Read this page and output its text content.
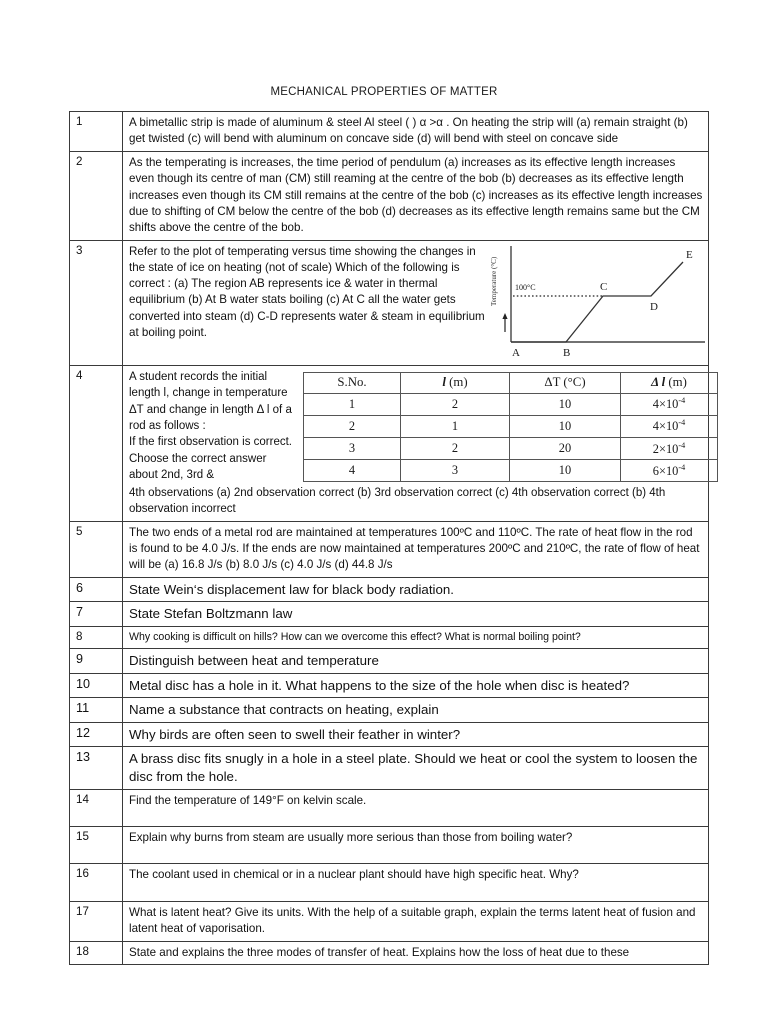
MECHANICAL PROPERTIES OF MATTER
1	A bimetallic strip is made of aluminum & steel Al steel ( ) α >α . On heating the strip will (a) remain straight (b) get twisted (c) will bend with aluminum on concave side (d) will bend with steel on concave side
2	As the temperating is increases, the time period of pendulum (a) increases as its effective length increases even though its centre of man (CM) still reaming at the centre of the bob (b) decreases as its effective length increases even though its CM still remains at the centre of the bob (c) increases as its effective length increases due to shifting of CM below the centre of the bob (d) decreases as its effective length remains same but the CM shifts above the centre of the bob.
3	Refer to the plot of temperating versus time showing the changes in the state of ice on heating (not of scale) Which of the following is correct : (a) The region AB represents ice & water in thermal equilibrium (b) At B water stats boiling (c) At C all the water gets converted into steam (d) C-D represents water & steam in equilibrium at boiling point.
Temperature (°C) 100°C
A	B
C
D
E

4	A student records the initial length l, change in temperature ΔT and change in length Δ l of a rod as follows :
If the first observation is correct. Choose the correct answer about 2nd, 3rd &
S.No.	l (m)	ΔT (°C)	Δ l (m)
1	2	10	$4\times 10^{-4}$
2	1	10	$4\times 10^{-4}$
3	2	20	$2\times 10^{-4}$
4	3	10	$6\times 10^{-4}$
4th observations (a) 2nd observation correct (b) 3rd observation correct (c) 4th observation correct (b) 4th observation incorrect

5	The two ends of a metal rod are maintained at temperatures 100ºC and 110ºC. The rate of heat flow in the rod is found to be 4.0 J/s. If the ends are now maintained at temperatures 200ºC and 210ºC, the rate of flow of heat will be (a) 16.8 J/s (b) 8.0 J/s (c) 4.0 J/s (d) 44.8 J/s
6	State Wein‘s displacement law for black body radiation.
7	State Stefan Boltzmann law
8	Why cooking is difficult on hills? How can we overcome this effect? What is normal boiling point?
9	Distinguish between heat and temperature
10	Metal disc has a hole in it. What happens to the size of the hole when disc is heated?
11	Name a substance that contracts on heating, explain
12	Why birds are often seen to swell their feather in winter?
13	A brass disc fits snugly in a hole in a steel plate. Should we heat or cool the system to loosen the disc from the hole.
14	Find the temperature of 149°F on kelvin scale.
15	Explain why burns from steam are usually more serious than those from boiling water?
16	The coolant used in chemical or in a nuclear plant should have high specific heat. Why?
17	What is latent heat? Give its units. With the help of a suitable graph, explain the terms latent heat of fusion and latent heat of vaporisation.
18	State and explains the three modes of transfer of heat. Explains how the loss of heat due to these
